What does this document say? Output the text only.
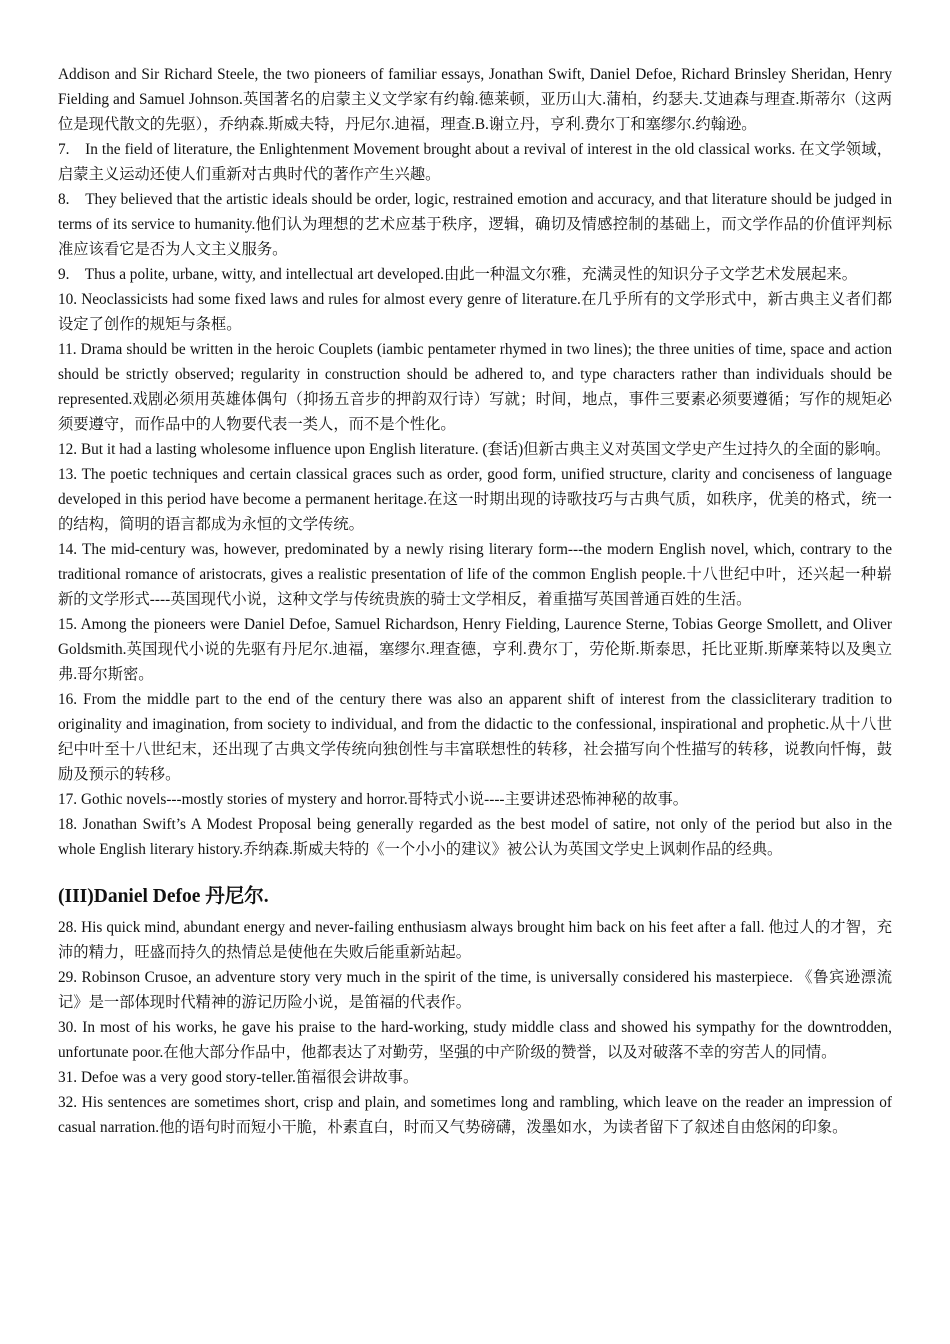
Addison and Sir Richard Steele, the two pioneers of familiar essays, Jonathan Swift, Daniel Defoe, Richard Brinsley Sheridan, Henry Fielding and Samuel Johnson.英国著名的启蒙主义文学家有约翰.德莱顿，亚历山大.蒲柏，约瑟夫.艾迪森与理查.斯蒂尔（这两位是现代散文的先驱），乔纳森.斯威夫特，丹尼尔.迪福，理查.B.谢立丹，亨利.费尔丁和塞缪尔.约翰逊。

7.　In the field of literature, the Enlightenment Movement brought about a revival of interest in the old classical works. 在文学领域，启蒙主义运动还使人们重新对古典时代的著作产生兴趣。

8.　They believed that the artistic ideals should be order, logic, restrained emotion and accuracy, and that literature should be judged in terms of its service to humanity.他们认为理想的艺术应基于秩序，逻辑，确切及情感控制的基础上，而文学作品的价值评判标准应该看它是否为人文主义服务。

9.　Thus a polite, urbane, witty, and intellectual art developed.由此一种温文尔雅，充满灵性的知识分子文学艺术发展起来。

10. Neoclassicists had some fixed laws and rules for almost every genre of literature.在几乎所有的文学形式中，新古典主义者们都设定了创作的规矩与条框。

11. Drama should be written in the heroic Couplets (iambic pentameter rhymed in two lines); the three unities of time, space and action should be strictly observed; regularity in construction should be adhered to, and type characters rather than individuals should be represented.戏剧必须用英雄体偶句（抑扬五音步的押韵双行诗）写就；时间，地点，事件三要素必须要遵循；写作的规矩必须要遵守，而作品中的人物要代表一类人，而不是个性化。

12. But it had a lasting wholesome influence upon English literature. (套话)但新古典主义对英国文学史产生过持久的全面的影响。

13. The poetic techniques and certain classical graces such as order, good form, unified structure, clarity and conciseness of language developed in this period have become a permanent heritage.在这一时期出现的诗歌技巧与古典气质，如秩序，优美的格式，统一的结构，简明的语言都成为永恒的文学传统。

14. The mid-century was, however, predominated by a newly rising literary form---the modern English novel, which, contrary to the traditional romance of aristocrats, gives a realistic presentation of life of the common English people.十八世纪中叶，还兴起一种崭新的文学形式----英国现代小说，这种文学与传统贵族的骑士文学相反，着重描写英国普通百姓的生活。

15. Among the pioneers were Daniel Defoe, Samuel Richardson, Henry Fielding, Laurence Sterne, Tobias George Smollett, and Oliver Goldsmith.英国现代小说的先驱有丹尼尔.迪福，塞缪尔.理查德，亨利.费尔丁，劳伦斯.斯泰思，托比亚斯.斯摩莱特以及奥立弗.哥尔斯密。

16. From the middle part to the end of the century there was also an apparent shift of interest from the classicliterary tradition to originality and imagination, from society to individual, and from the didactic to the confessional, inspirational and prophetic.从十八世纪中叶至十八世纪末，还出现了古典文学传统向独创性与丰富联想性的转移，社会描写向个性描写的转移，说教向忏悔，鼓励及预示的转移。

17. Gothic novels---mostly stories of mystery and horror.哥特式小说----主要讲述恐怖神秘的故事。

18. Jonathan Swift’s A Modest Proposal being generally regarded as the best model of satire, not only of the period but also in the whole English literary history.乔纳森.斯威夫特的《一个小小的建议》被公认为英国文学史上讽刺作品的经典。

(III)Daniel Defoe 丹尼尔.

28. His quick mind, abundant energy and never-failing enthusiasm always brought him back on his feet after a fall. 他过人的才智，充沛的精力，旺盛而持久的热情总是使他在失败后能重新站起。

29. Robinson Crusoe, an adventure story very much in the spirit of the time, is universally considered his masterpiece. 《鲁宾逊漂流记》是一部体现时代精神的游记历险小说，是笛福的代表作。

30. In most of his works, he gave his praise to the hard-working, study middle class and showed his sympathy for the downtrodden, unfortunate poor.在他大部分作品中，他都表达了对勤劳，坚强的中产阶级的赞誉，以及对破落不幸的穷苦人的同情。

31. Defoe was a very good story-teller.笛福很会讲故事。

32. His sentences are sometimes short, crisp and plain, and sometimes long and rambling, which leave on the reader an impression of casual narration.他的语句时而短小干脆，朴素直白，时而又气势磅礴，泼墨如水，为读者留下了叙述自由悠闲的印象。
